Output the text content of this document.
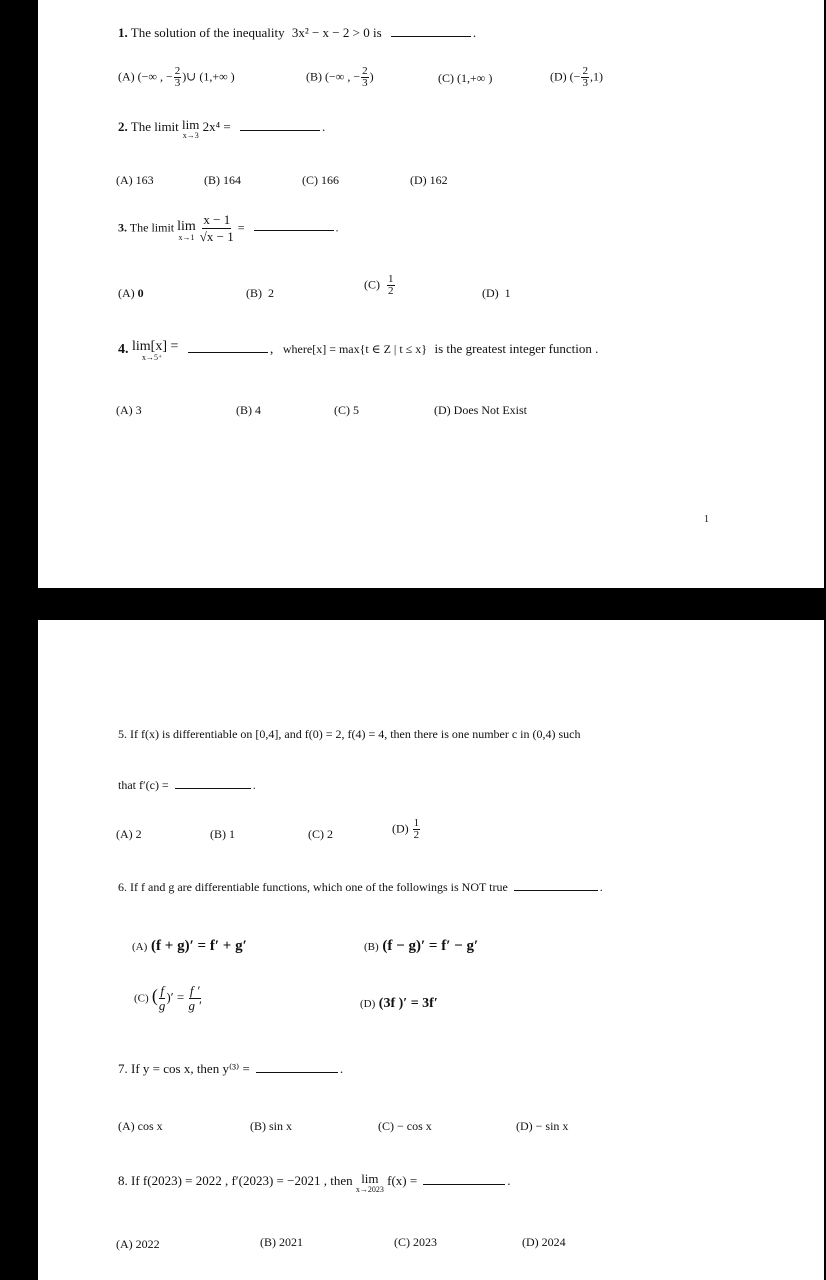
1. The solution of the inequality 3x² − x − 2 > 0 is	.
(A) (−∞ , − $\frac{2}{3}$ )∪ (1,+∞ )	(B) (−∞ , − $\frac{2}{3}$ )	(C) (1,+∞ )	(D) (− $\frac{2}{3} ,1$)
2. The limit lim
x→3
2x⁴ =	.
(A) 163	(B) 164	(C) 166	(D) 162
3. The limit lim
x→1
$\frac{x - 1}{√x - 1}$ =	.
(A) 0	(B) 2
$(C) \frac{1}{2}$	(D) 1
4. lim[x] =
x→5⁺
, where[x] = max{t ∈ Z | t ≤ x} is the greatest integer function .
(A) 3	(B) 4	(C) 5	(D) Does Not Exist
1
5. If f(x) is differentiable on [0,4], and f(0) = 2, f(4) = 4, then there is one number c in (0,4) such
that f′(c) =	.
(A) 2	(B) 1	(C) 2	$(D) \frac{1}{2}$
6. If f and g are differentiable functions, which one of the followings is NOT true	.
(A) (f + g)′ = f′ + g′	(B) (f − g)′ = f′ − g′
(C) ( $\frac{f}{g}$ )′ = $\frac{f '}{g '}$	(D) (3f )′ = 3f′
7. If y = cos x, then y⁽³⁾ =	.
(A) cos x	(B) sin x	(C) − cos x	(D) − sin x
8. If f(2023) = 2022 , f′(2023) = −2021 , then lim
x→2023
f(x) =	.
(A) 2022	(B) 2021	(C) 2023	(D) 2024
